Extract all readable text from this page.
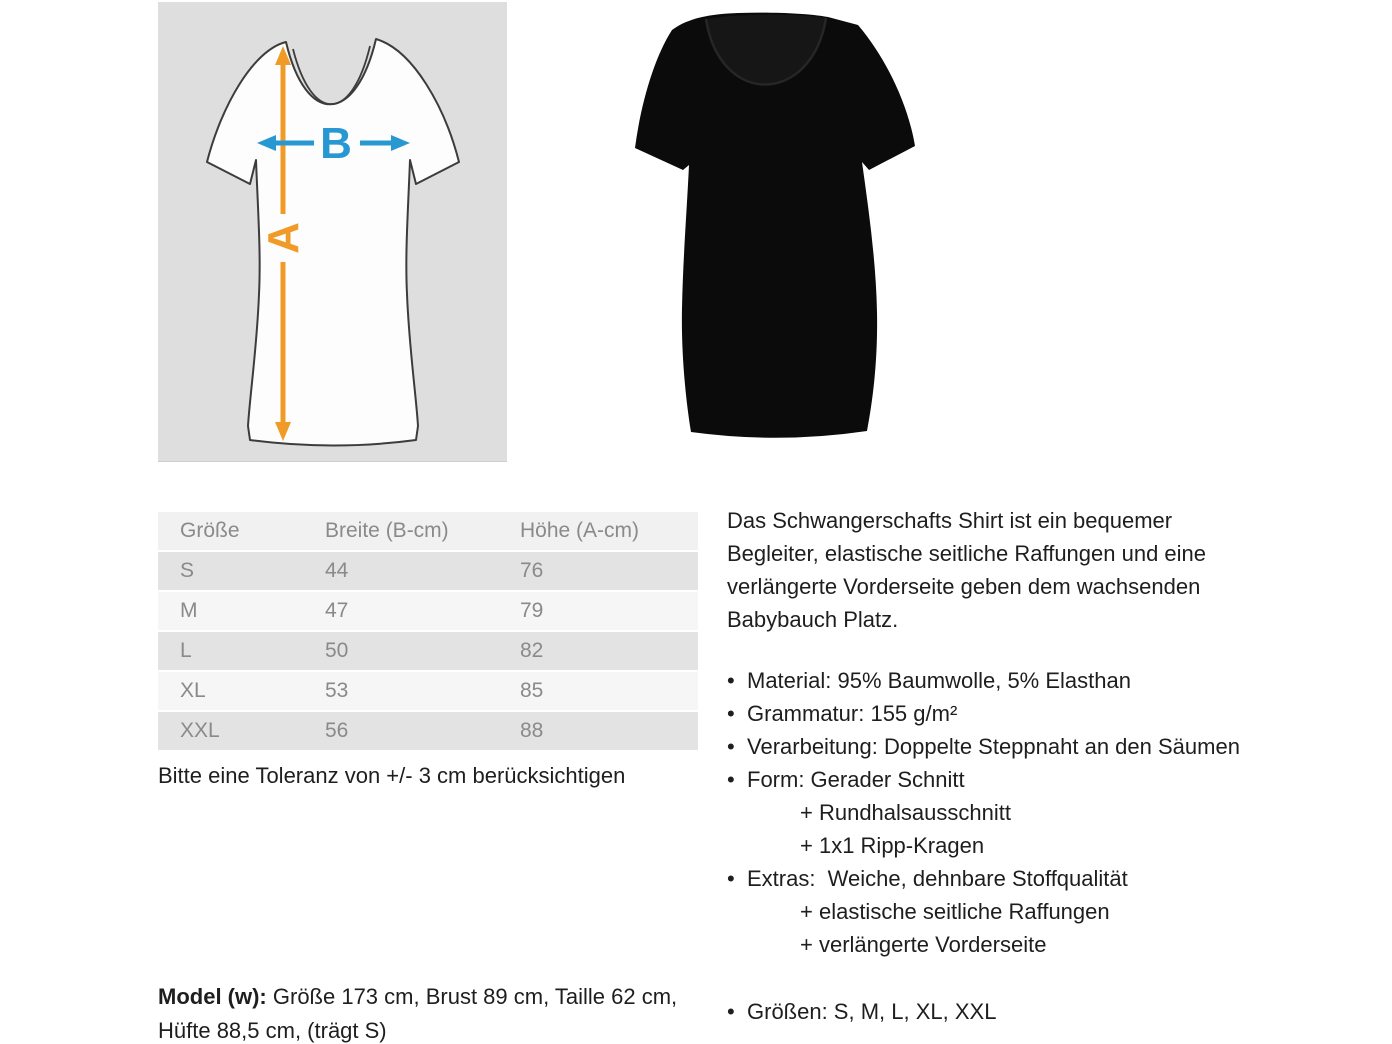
A
B
Größe	Breite (B-cm)	Höhe (A-cm)
S	44	76
M	47	79
L	50	82
XL	53	85
XXL	56	88

Bitte eine Toleranz von +/- 3 cm berücksichtigen

Model (w): Größe 173 cm, Brust 89 cm, Taille 62 cm,
Hüfte 88,5 cm, (trägt S)

Das Schwangerschafts Shirt ist ein bequemer
Begleiter, elastische seitliche Raffungen und eine
verlängerte Vorderseite geben dem wachsenden
Babybauch Platz.
• Material: 95% Baumwolle, 5% Elasthan
• Grammatur: 155 g/m²
• Verarbeitung: Doppelte Steppnaht an den Säumen
• Form: Gerader Schnitt
+ Rundhalsausschnitt
+ 1x1 Ripp-Kragen
• Extras:  Weiche, dehnbare Stoffqualität
+ elastische seitliche Raffungen
+ verlängerte Vorderseite
• Größen: S, M, L, XL, XXL
